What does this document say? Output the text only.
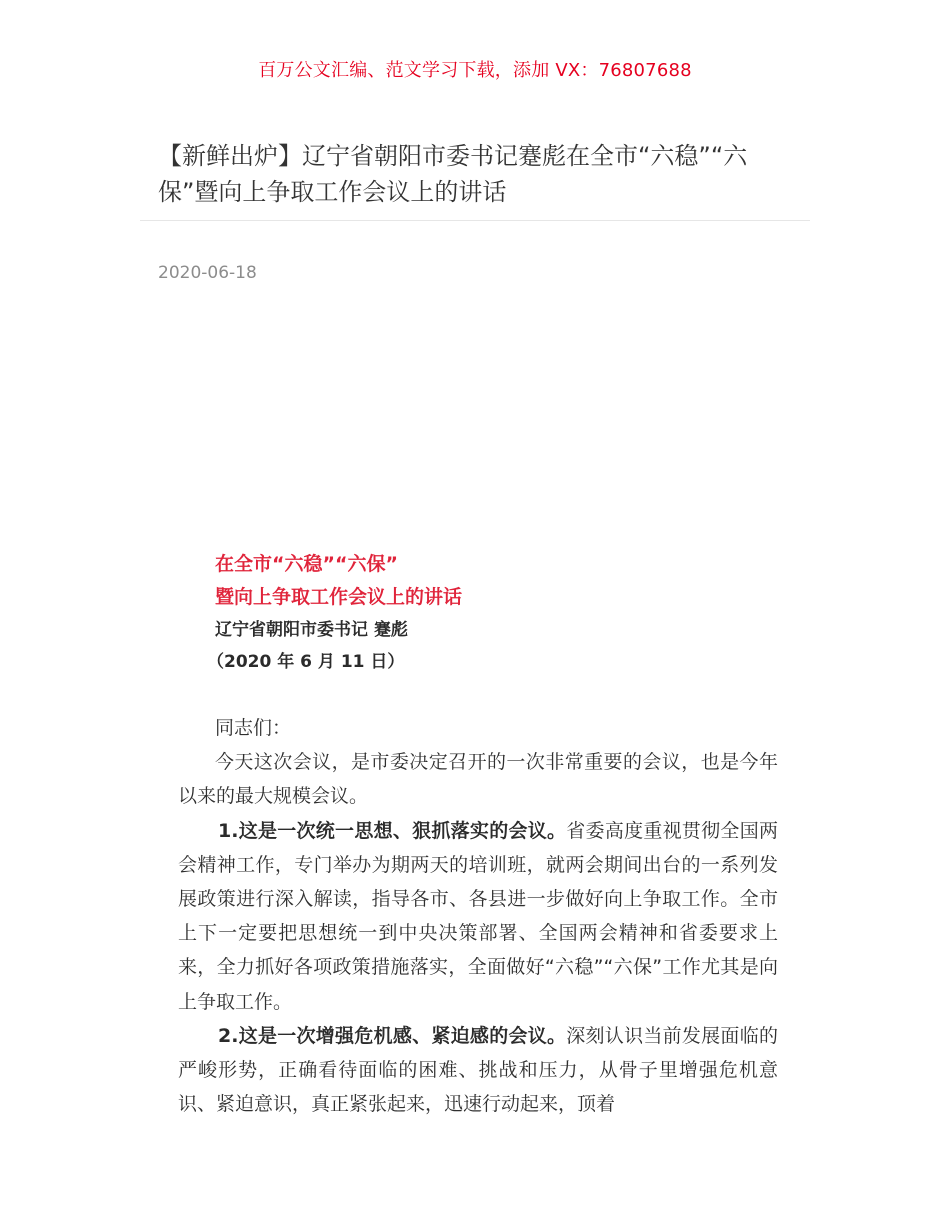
百万公文汇编、范文学习下载，添加 VX：76807688
【新鲜出炉】辽宁省朝阳市委书记蹇彪在全市“六稳”“六保”暨向上争取工作会议上的讲话
2020-06-18
在全市“六稳”“六保”
暨向上争取工作会议上的讲话
辽宁省朝阳市委书记 蹇彪
（2020 年 6 月 11 日）

同志们：

今天这次会议，是市委决定召开的一次非常重要的会议，也是今年以来的最大规模会议。

1.这是一次统一思想、狠抓落实的会议。省委高度重视贯彻全国两会精神工作，专门举办为期两天的培训班，就两会期间出台的一系列发展政策进行深入解读，指导各市、各县进一步做好向上争取工作。全市上下一定要把思想统一到中央决策部署、全国两会精神和省委要求上来，全力抓好各项政策措施落实，全面做好“六稳”“六保”工作尤其是向上争取工作。

2.这是一次增强危机感、紧迫感的会议。深刻认识当前发展面临的严峻形势，正确看待面临的困难、挑战和压力，从骨子里增强危机意识、紧迫意识，真正紧张起来，迅速行动起来，顶着
